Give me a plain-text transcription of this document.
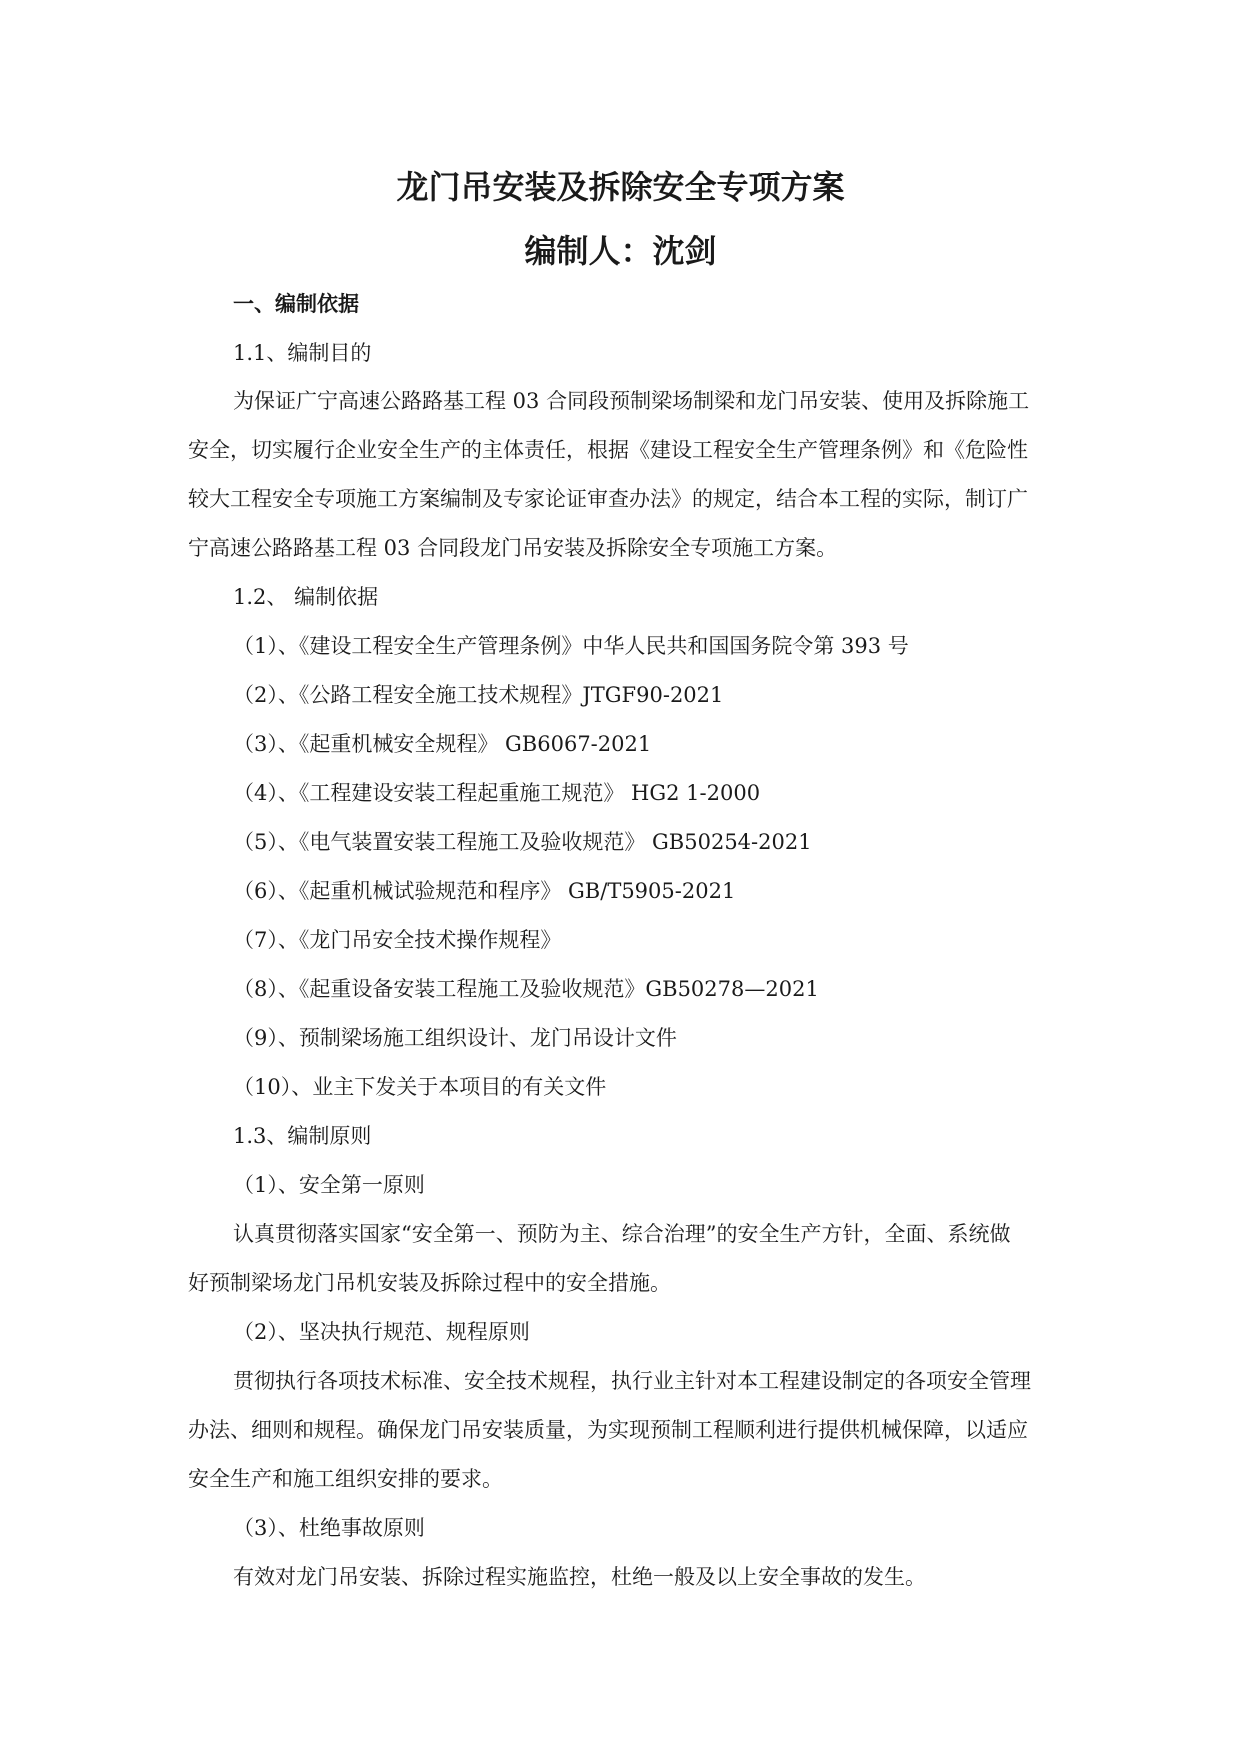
龙门吊安装及拆除安全专项方案
编制人：沈剑
一、编制依据
1.1、编制目的
为保证广宁高速公路路基工程 03 合同段预制梁场制梁和龙门吊安装、使用及拆除施工
安全，切实履行企业安全生产的主体责任，根据《建设工程安全生产管理条例》和《危险性
较大工程安全专项施工方案编制及专家论证审查办法》的规定，结合本工程的实际，制订广
宁高速公路路基工程 03 合同段龙门吊安装及拆除安全专项施工方案。
1.2、 编制依据
（1）、《建设工程安全生产管理条例》中华人民共和国国务院令第 393 号
（2）、《公路工程安全施工技术规程》JTGF90-2021
（3）、《起重机械安全规程》 GB6067-2021
（4）、《工程建设安装工程起重施工规范》 HG2 1-2000
（5）、《电气装置安装工程施工及验收规范》 GB50254-2021
（6）、《起重机械试验规范和程序》 GB/T5905-2021
（7）、《龙门吊安全技术操作规程》
（8）、《起重设备安装工程施工及验收规范》GB50278—2021
（9）、预制梁场施工组织设计、龙门吊设计文件
（10）、业主下发关于本项目的有关文件
1.3、编制原则
（1）、安全第一原则
认真贯彻落实国家“安全第一、预防为主、综合治理”的安全生产方针，全面、系统做
好预制梁场龙门吊机安装及拆除过程中的安全措施。
（2）、坚决执行规范、规程原则
贯彻执行各项技术标准、安全技术规程，执行业主针对本工程建设制定的各项安全管理
办法、细则和规程。确保龙门吊安装质量，为实现预制工程顺利进行提供机械保障，以适应
安全生产和施工组织安排的要求。
（3）、杜绝事故原则
有效对龙门吊安装、拆除过程实施监控，杜绝一般及以上安全事故的发生。
